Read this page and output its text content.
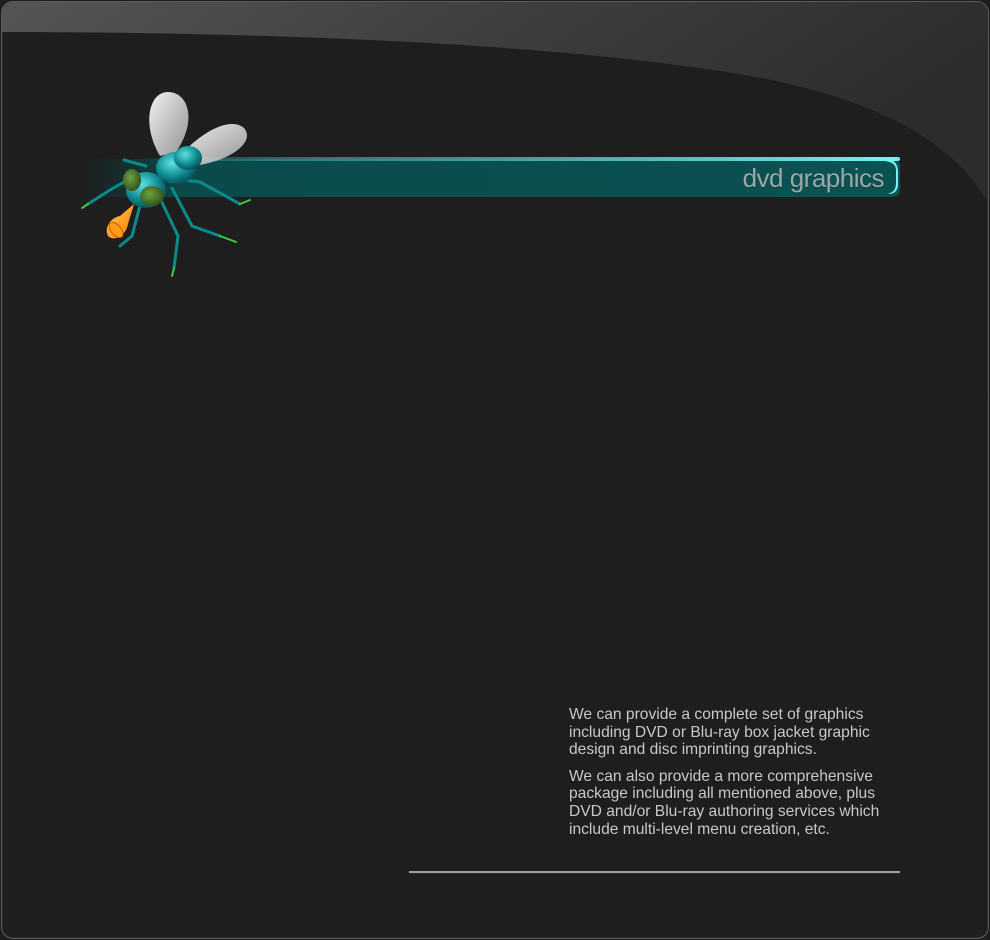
dvd graphics

We can provide a complete set of graphics including DVD or Blu-ray box jacket graphic design and disc imprinting graphics.

We can also provide a more comprehensive package including all mentioned above, plus DVD and/or Blu-ray authoring services which include multi-level menu creation, etc.
